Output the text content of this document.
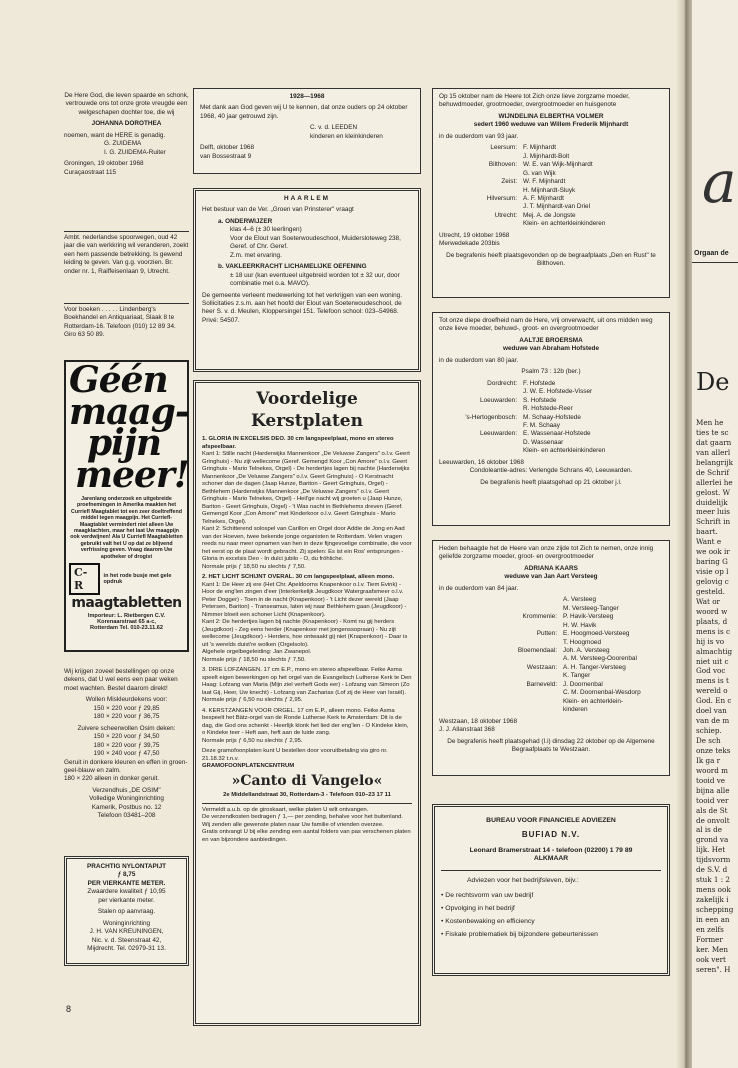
De Here God, die leven spaarde en schonk, vertrouwde ons tot onze grote vreugde een welgeschapen dochter toe, die wij
JOHANNA DOROTHEA
noemen, want de HERE is genadig.
G. ZUIDEMA
I. G. ZUIDEMA-Ruiter
Groningen, 19 oktober 1968
Curaçaostraat 115
Ambt. nederlandse spoorwegen, oud 42 jaar die van werkkring wil veranderen, zoekt een hem passende betrekking. Is gewend leiding te geven. Van g.g. voorzien. Br. onder nr. 1, Raiffeisenlaan 9, Utrecht.
Voor boeken . . . . . Lindenberg's Boekhandel en Antiquariaat, Slaak 8 te Rotterdam-16. Telefoon (010) 12 89 34. Giro 63 50 89.
Géén
maag-
pijn
meer!
Jarenlang onderzoek en uitgebreide proefnemingen in Amerika maakten het Curriefl Maagtablet tot een zeer doeltreffend middel tegen maagpijn. Het Curriefl-Maagtablet vermindert niet alleen Uw maagklachten, maar het laat Uw maagpijn ook verdwijnen! Ala U Curriefl Maagtabletten gebruikt valt het U op dat ze blijvend verfrissing geven. Vraag daarom Uw apotheker of drogist
C-R
in het rode busje met gele opdruk
maagtabletten
Importeur: L. Rietbergen C.V.
Korenaarstraat 65 a-c,
Rotterdam Tel. 010-23.11.62
Wij krijgen zoveel bestellingen op onze dekens, dat U wel eens een paar weken moet wachten. Bestel daarom direkt!
Wollen Miskleurdekens voor:
150 × 220 voor ƒ 29,85
180 × 220 voor ƒ 36,75
Zuivere scheerwollen Osim deken:
150 × 220 voor ƒ 34,50
180 × 220 voor ƒ 39,75
190 × 240 voor ƒ 47,50
Geruit in donkere kleuren en effen in groen-geel-blauw en zalm.
180 × 220 alleen in donker geruit.
Verzendhuis „DE OSIM"
Volledige Woninginrichting
Kamerik, Postbus no. 12
Telefoon 03481–208
PRACHTIG NYLONTAPIJT
ƒ 8,75
PER VIERKANTE METER.
Zwaardere kwaliteit ƒ 10,95
per vierkante meter.
Stalen op aanvraag.
Woninginrichting
J. H. VAN KREUNINGEN,
Nic. v. d. Steenstraat 42,
Mijdrecht. Tel. 02979-31 13.
8
1928—1968
Met dank aan God geven wij U te kennen, dat onze ouders op 24 oktober 1968, 40 jaar getrouwd zijn.
C. v. d. LEEDEN
kinderen en kleinkinderen
Delft, oktober 1968
van Bossestraat 9
HAARLEM
Het bestuur van de Ver. „Groen van Prinsterer" vraagt
a. ONDERWIJZER
klas 4–6 (± 30 leerlingen)
Voor de Elout van Soeterwoudeschool, Muidersloteweg 238, Geref. of Chr. Geref.
Z.m. met ervaring.
b. VAKLEERKRACHT LICHAMELIJKE OEFENING
± 18 uur (kan eventueel uitgebreid worden tot ± 32 uur, door combinatie met o.a. MAVO).
De gemeente verleent medewerking tot het verkrijgen van een woning.
Sollicitaties z.s.m. aan het hoofd der Elout van Soeterwoudeschool, de heer S. v. d. Meulen, Kloppersingel 151. Telefoon school: 023–54968. Privé: 54507.
Voordelige Kerstplaten
1. GLORIA IN EXCELSIS DEO. 30 cm langspeelplaat, mono en stereo afspeelbaar.
Kant 1: Stille nacht (Harderwijks Mannenkoor „De Veluwse Zangers" o.l.v. Geert Gringhuis) - Nu zijt wellecome (Geref. Gemengd Koor „Con Amore" o.l.v. Geert Gringhuis - Mario Telnekes, Orgel) - De herdertjes lagen bij nachte (Harderwijks Mannenkoor „De Veluwse Zangers" o.l.v. Geert Gringhuis) - O Kerstnacht schoner dan de dagen (Jaap Hunze, Bariton - Geert Gringhuis, Orgel) - Bethlehem (Harderwijks Mannenkoor „De Veluwse Zangers" o.l.v. Geert Gringhuis - Mario Telnekes, Orgel) - Heil'ge nacht wij groeten u (Jaap Hunze, Bariton - Geert Gringhuis, Orgel) - 't Was nacht in Bethlehems dreven (Geref. Gemengd Koor „Con Amore" met Kinderkoor o.l.v. Geert Gringhuis - Mario Telnekes, Orgel).
Kant 2: Schitterend solospel van Carillon en Orgel door Addie de Jong en Aad van der Hoeven, twee bekende jonge organisten te Rotterdam. Velen vragen reeds nu naar meer opnamen van hen in deze fijngevoelige combinatie, die voor het eerst op de plaat wordt gebracht. Zij spelen: Es ist ein Ros' entsprungen - Gloria in excelsis Deo - In dulci jubilo - O, du fröhliche.
Normale prijs ƒ 18,50 nu slechts ƒ 7,50.
2. HET LICHT SCHIJNT OVERAL. 30 cm langspeelplaat, alleen mono.
Kant 1: De Heer zij ere (Het Chr. Apeldoorns Knapenkoor o.l.v. Tiem Evink) - Hoor de eng'len zingen d'eer (Interkerkelijk Jeugdkoor Watergraafsmeer o.l.v. Peter Dogger) - Toen in de nacht (Knapenkoor) - 't Licht dezer wereld (Jaap Petersen, Bariton) - Transeamus, laten wij naar Bethlehem gaan (Jeugdkoor) - Nimmer bloeit een schoner Licht (Knapenkoor).
Kant 2: De herdertjes lagen bij nachte (Knapenkoor) - Komt nu gij herders (Jeugdkoor) - Zeg eens herder (Knapenkoor met jongenssopraan) - Nu zijt wellecome (Jeugdkoor) - Herders, hoe ontwaakt gij niet (Knapenkoor) - Daar is uit 's werelds duist're wolken (Orgelsolo).
Algehele orgelbegeleiding: Jan Zwanepol.
Normale prijs ƒ 18,50 nu slechts ƒ 7,50.
3. DRIE LOFZANGEN. 17 cm E.P., mono en stereo afspeelbaar. Feike Asma speelt eigen bewerkingen op het orgel van de Evangelisch Lutherse Kerk te Den Haag: Lofzang van Maria (Mijn ziel verheft Gods eer) - Lofzang van Simeon (Zo laat Gij, Heer, Uw knecht) - Lofzang van Zacharias (Lof zij de Heer van Israël).
Normale prijs ƒ 6,50 nu slechts ƒ 2,95.
4. KERSTZANGEN VOOR ORGEL. 17 cm E.P., alleen mono. Feike Asma bespeelt het Bätz-orgel van de Ronde Lutherse Kerk te Amsterdam: Dit is de dag, die God ons schenkt - Heerlijk klonk het lied der eng'len - O Kindeke klein, o Kindeke teer - Heft aan, heft aan de luide zang.
Normale prijs ƒ 6,50 nu slechts ƒ 2,95.
Deze gramofoonplaten kunt U bestellen door vooruitbetaling via giro nr. 21.18.32 t.n.v.
GRAMOFOONPLATENCENTRUM
»Canto di Vangelo«
2e Middellandstraat 30, Rotterdam-3 - Telefoon 010–23 17 11
Vermeldt a.u.b. op de giroskaart, welke platen U wilt ontvangen.
De verzendkosten bedragen ƒ 1,— per zending, behalve voor het buitenland. Wij zenden alle gewenste platen naar Uw familie of vrienden overzee.
Gratis ontvangt U bij elke zending een aantal folders van pas verschenen platen en van bijzondere aanbiedingen.
Op 15 oktober nam de Heere tot Zich onze lieve zorgzame moeder, behuwdmoeder, grootmoeder, overgrootmoeder en huisgenote
WIJNDELINA ELBERTHA VOLMER
sedert 1960 weduwe van Willem Frederik Mijnhardt
in de ouderdom van 93 jaar.
Leersum: F. Mijnhardt
J. Mijnhardt-Bolt
Bilthoven: W. E. van Wijk-Mijnhardt
G. van Wijk
Zeist: W. F. Mijnhardt
H. Mijnhardt-Sluyk
Hilversum: A. F. Mijnhardt
J. T. Mijnhardt-van Driel
Utrecht: Mej. A. de Jongste
Klein- en achterkleinkinderen
Utrecht, 19 oktober 1968
Merwedekade 203bis
De begrafenis heeft plaatsgevonden op de begraafplaats „Den en Rust" te Bilthoven.
Tot onze diepe droefheid nam de Here, vrij onverwacht, uit ons midden weg onze lieve moeder, behuwd-, groot- en overgrootmoeder
AALTJE BROERSMA
weduwe van Abraham Hofstede
in de ouderdom van 80 jaar.
Psalm 73 : 12b (ber.)
Dordrecht: F. Hofstede
J. W. E. Hofstede-Visser
Loeuwarden: S. Hofstede
R. Hofstede-Reer
's-Hertogenbosch: M. Schaay-Hofstede
F. M. Schaay
Leeuwarden: E. Wassenaar-Hofstede
D. Wassenaar
Klein- en achterkleinkinderen
Leeuwarden, 16 oktober 1968
Condoleantie-adres: Verlengde Schrans 40, Leeuwarden.
De begrafenis heeft plaatsgehad op 21 oktober j.l.
Heden behaagde het de Heere van onze zijde tot Zich te nemen, onze innig geliefde zorgzame moeder, groot- en overgrootmoeder
ADRIANA KAARS
weduwe van Jan Aart Versteeg
in de ouderdom van 84 jaar.
A. Versteeg
M. Versteeg-Tanger
Krommenie: P. Havik-Versteeg
H. W. Havik
Putten: E. Hoogmoed-Versteeg
T. Hoogmoed
Bloemendaal: Joh. A. Versteeg
A. M. Versteeg-Ooorenbal
Westzaan: A. H. Tanger-Versteeg
K. Tanger
Barneveld: J. Doornenbal
C. M. Doornenbal-Wesdorp
Klein- en achterklein-
kinderen
Westzaan, 18 oktober 1968
J. J. Allanstraat 368
De begrafenis heeft plaatsgehad (I.i) dinsdag 22 oktober op de Algemene Begraafplaats te Westzaan.
BUREAU VOOR FINANCIELE ADVIEZEN
BUFIAD N.V.
Leonard Bramerstraat 14 - telefoon (02200) 1 79 89
ALKMAAR
Adviezen voor het bedrijfsleven, bijv.:
• De rechtsvorm van uw bedrijf
• Opvolging in het bedrijf
• Kostenbewaking en efficiency
• Fiskale problematiek bij bijzondere gebeurtenissen
a
Orgaan de
De
Men he
ties te sc
dat gaarn
van allerl
belangrijk
de Schrif
allerlei he
gelost. W
duidelijk
meer luis
Schrift in
baart.
Want e
we ook ir
baring G
visie op l
gelovig c
gesteld.
Wat or
woord w
plaats, d
mens is c
hij is vo
almachtig
niet uit c
God voc
mens is t
wereld o
God. En c
doel van
van de m
schiep.
De sch
onze teks
Ik ga r
woord m
tooid ve
bijna alle
tooid ver
als de St
de onvolt
al is de
grond va
lijk. Het
tijdsvorm
de S.V. d
stuk 1 : 2
mens ook
zakelijk i
schepping
in een an
en zelfs
Former
ker. Men
ook vert
seren". H
